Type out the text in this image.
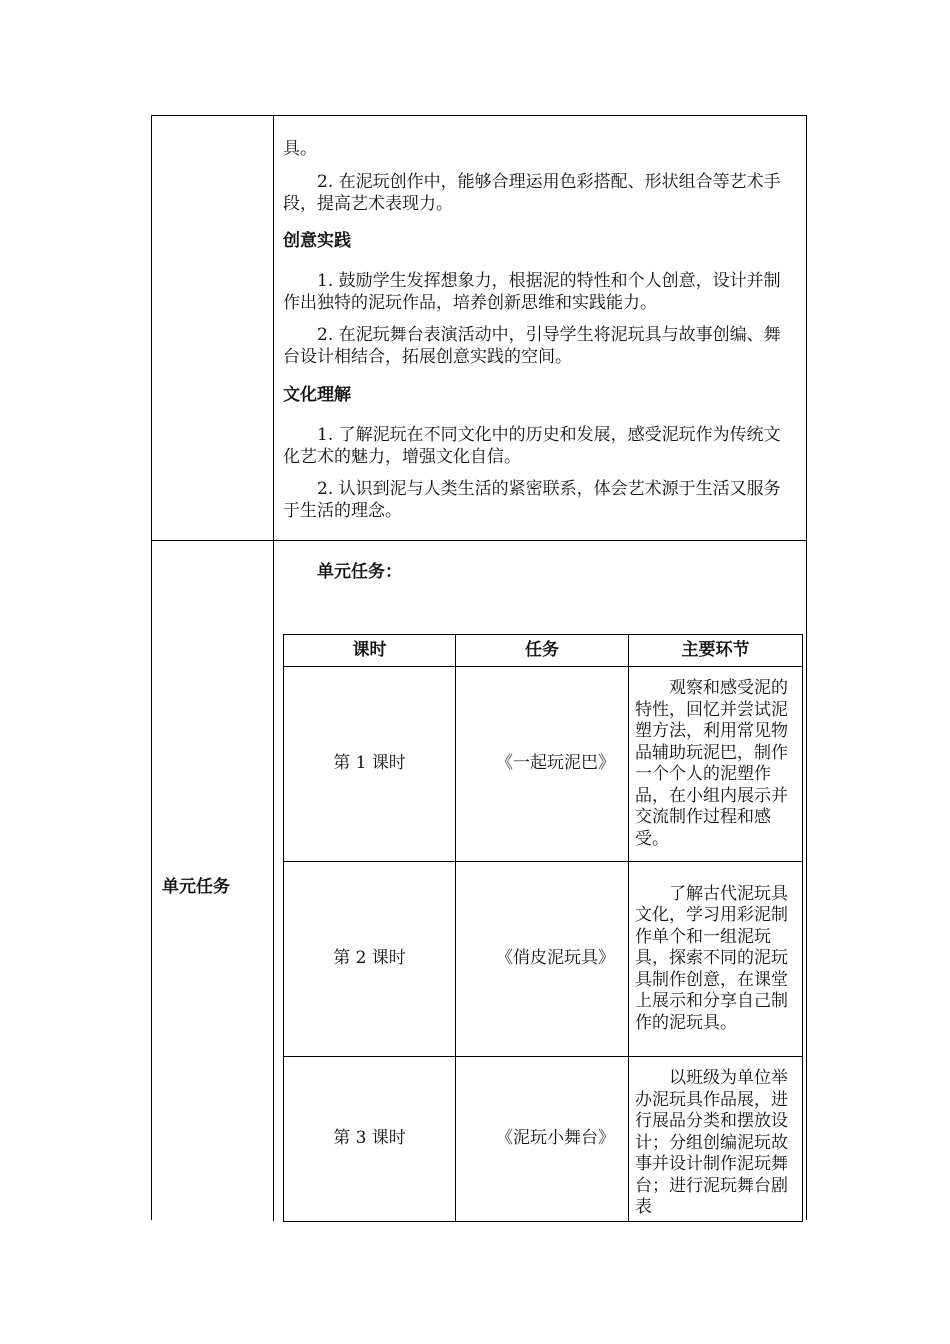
具。

2. 在泥玩创作中，能够合理运用色彩搭配、形状组合等艺术手段，提高艺术表现力。

创意实践

1. 鼓励学生发挥想象力，根据泥的特性和个人创意，设计并制作出独特的泥玩作品，培养创新思维和实践能力。

2. 在泥玩舞台表演活动中，引导学生将泥玩具与故事创编、舞台设计相结合，拓展创意实践的空间。

文化理解

1. 了解泥玩在不同文化中的历史和发展，感受泥玩作为传统文化艺术的魅力，增强文化自信。

2. 认识到泥与人类生活的紧密联系，体会艺术源于生活又服务于生活的理念。

单元任务
单元任务：
课时	任务	主要环节
第 1 课时	《一起玩泥巴》	观察和感受泥的特性，回忆并尝试泥塑方法，利用常见物品辅助玩泥巴，制作一个个人的泥塑作品，在小组内展示并交流制作过程和感受。

第 2 课时	《俏皮泥玩具》	了解古代泥玩具文化，学习用彩泥制作单个和一组泥玩具，探索不同的泥玩具制作创意，在课堂上展示和分享自己制作的泥玩具。

第 3 课时	《泥玩小舞台》	以班级为单位举办泥玩具作品展，进行展品分类和摆放设计；分组创编泥玩故事并设计制作泥玩舞台；进行泥玩舞台剧表
